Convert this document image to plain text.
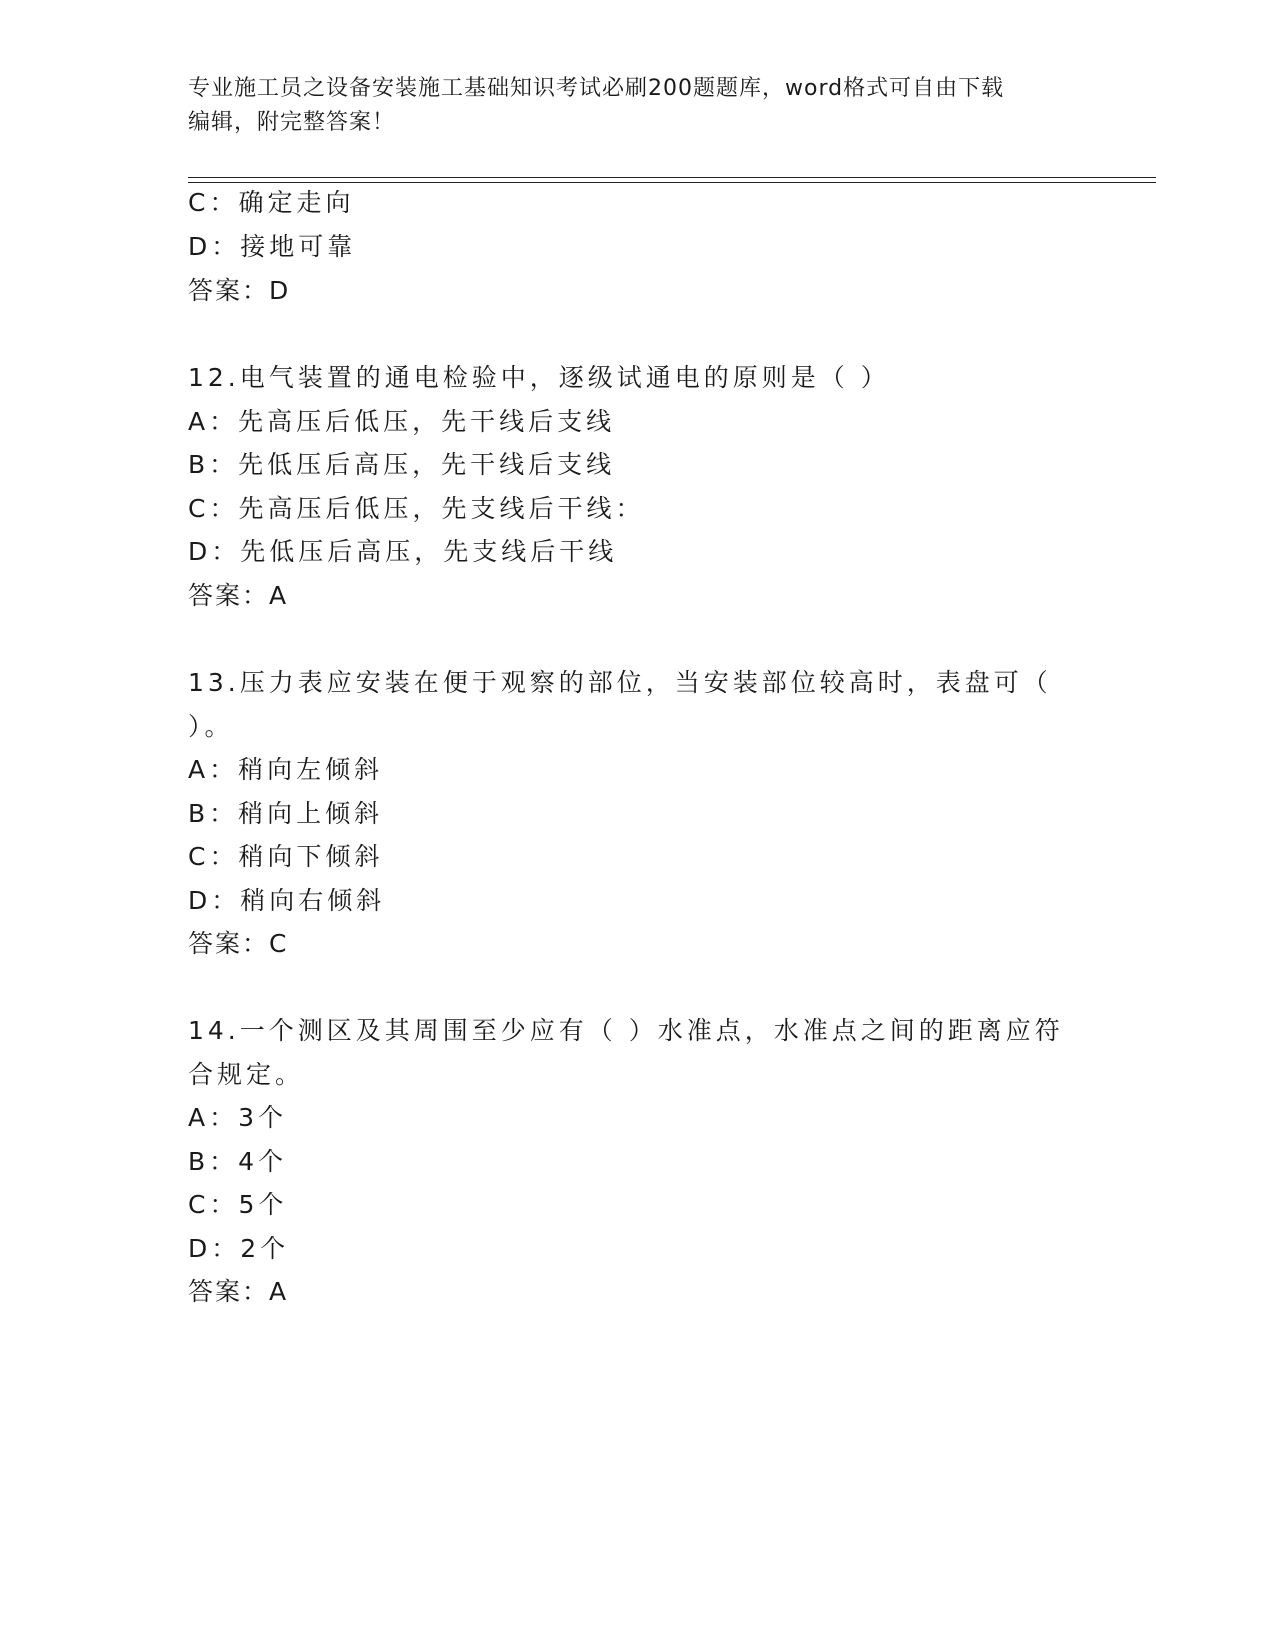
专业施工员之设备安装施工基础知识考试必刷200题题库，word格式可自由下载
编辑，附完整答案！
C：确定走向
D：接地可靠
答案：D
12.电气装置的通电检验中，逐级试通电的原则是（ ）
A：先高压后低压，先干线后支线
B：先低压后高压，先干线后支线
C：先高压后低压，先支线后干线：
D：先低压后高压，先支线后干线
答案：A
13.压力表应安装在便于观察的部位，当安装部位较高时，表盘可（
）。
A：稍向左倾斜
B：稍向上倾斜
C：稍向下倾斜
D：稍向右倾斜
答案：C
14.一个测区及其周围至少应有（ ）水准点，水准点之间的距离应符
合规定。
A：3个
B：4个
C：5个
D：2个
答案：A
